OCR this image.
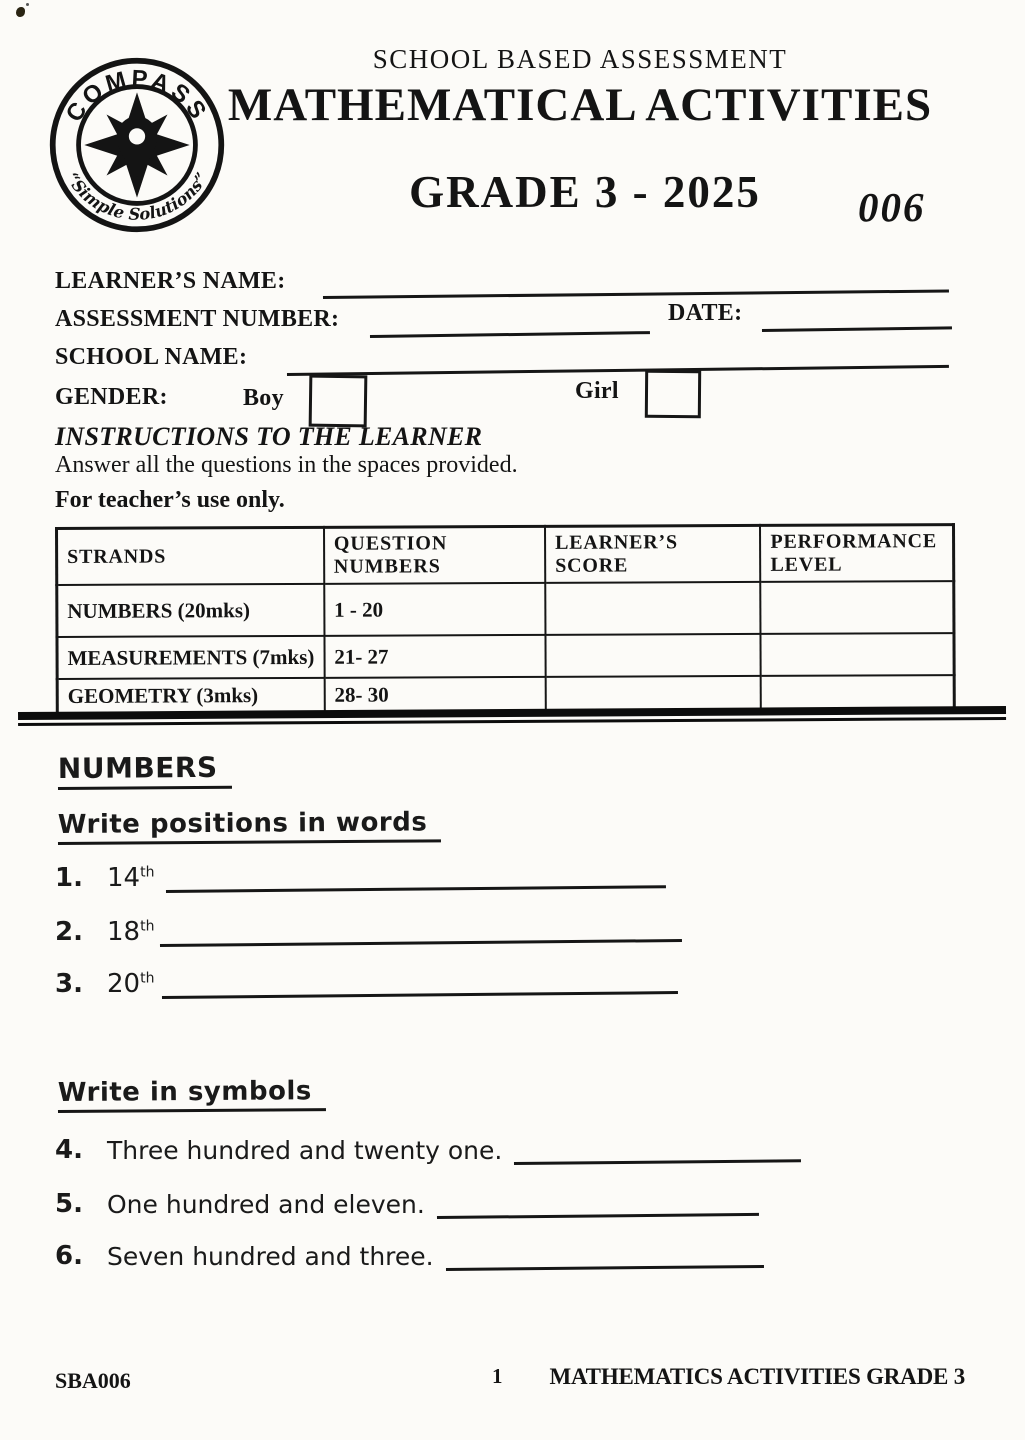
COMPASS
“Simple Solutions”
SCHOOL BASED ASSESSMENT
MATHEMATICAL ACTIVITIES
GRADE 3 - 2025	006
LEARNER’S NAME:
ASSESSMENT NUMBER:	DATE:
SCHOOL NAME:
GENDER:	Boy	Girl
INSTRUCTIONS TO THE LEARNER
Answer all the questions in the spaces provided.
For teacher’s use only.
STRANDS	QUESTION NUMBERS	LEARNER’S SCORE	PERFORMANCE LEVEL
NUMBERS (20mks)	1 - 20		
MEASUREMENTS (7mks)	21- 27		
GEOMETRY (3mks)	28- 30		
NUMBERS
Write positions in words
1. 14th
2. 18th
3. 20th
Write in symbols
4. Three hundred and twenty one.
5. One hundred and eleven.
6. Seven hundred and three.
SBA006	1 MATHEMATICS ACTIVITIES GRADE 3
